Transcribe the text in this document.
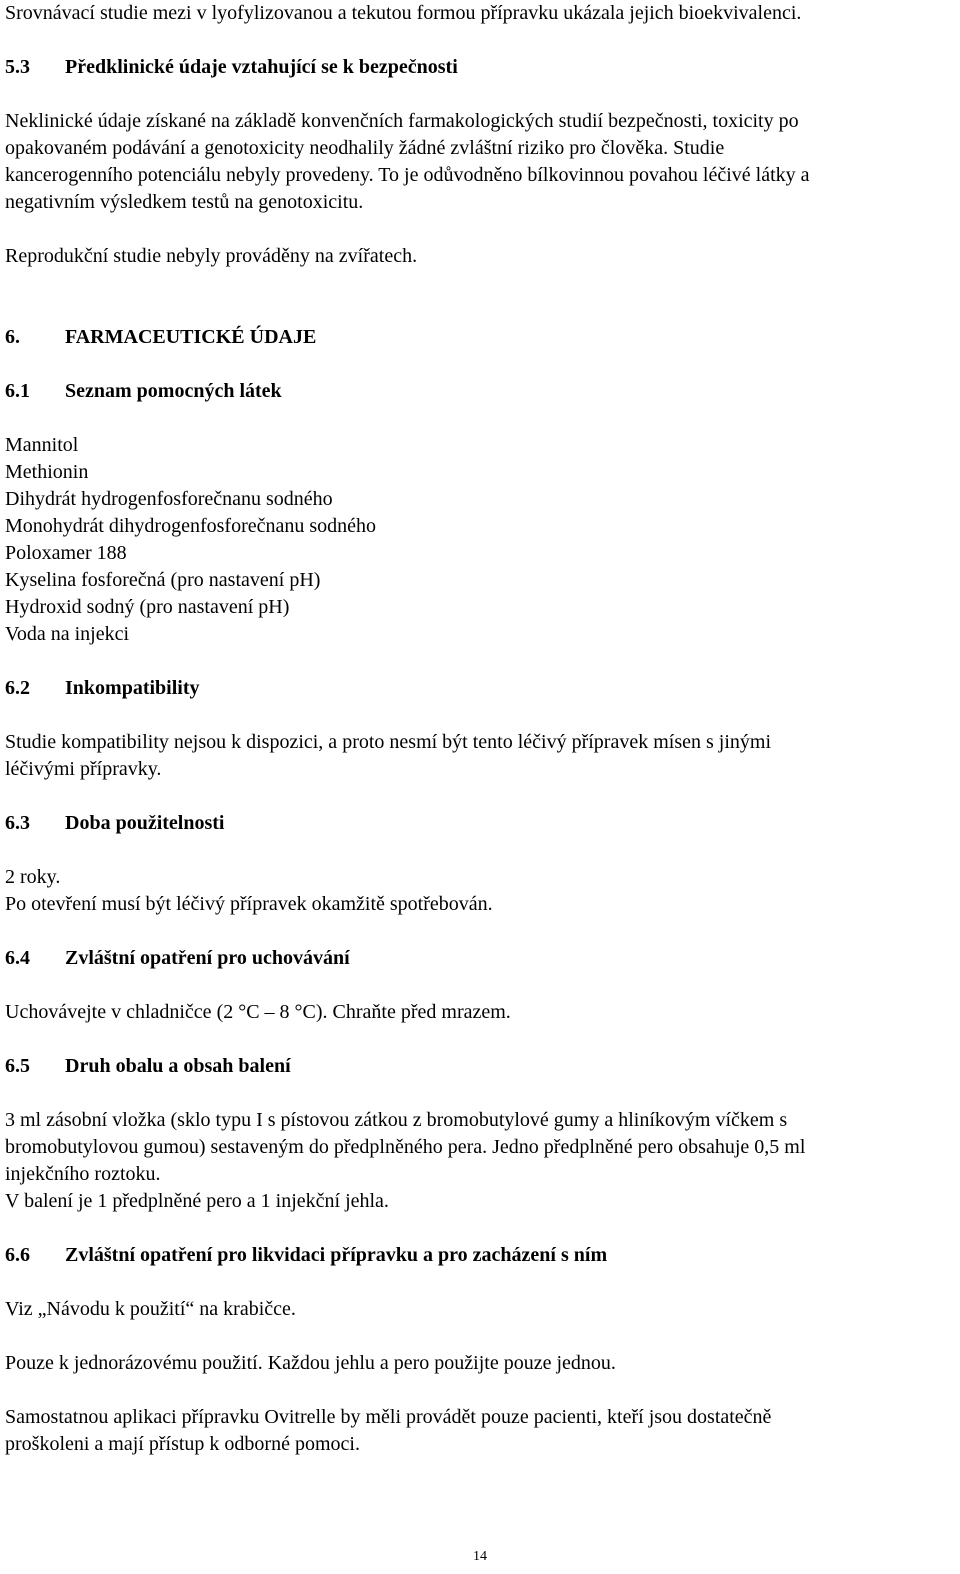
Srovnávací studie mezi v lyofylizovanou a tekutou formou přípravku ukázala jejich bioekvivalenci.

5.3 Předklinické údaje vztahující se k bezpečnosti

Neklinické údaje získané na základě konvenčních farmakologických studií bezpečnosti, toxicity po

opakovaném podávání a genotoxicity neodhalily žádné zvláštní riziko pro člověka. Studie

kancerogenního potenciálu nebyly provedeny. To je odůvodněno bílkovinnou povahou léčivé látky a

negativním výsledkem testů na genotoxicitu.

Reprodukční studie nebyly prováděny na zvířatech.

6. FARMACEUTICKÉ ÚDAJE
6.1 Seznam pomocných látek

Mannitol

Methionin

Dihydrát hydrogenfosforečnanu sodného

Monohydrát dihydrogenfosforečnanu sodného

Poloxamer 188

Kyselina fosforečná (pro nastavení pH)

Hydroxid sodný (pro nastavení pH)

Voda na injekci

6.2 Inkompatibility

Studie kompatibility nejsou k dispozici, a proto nesmí být tento léčivý přípravek mísen s jinými

léčivými přípravky.

6.3 Doba použitelnosti

2 roky.

Po otevření musí být léčivý přípravek okamžitě spotřebován.

6.4 Zvláštní opatření pro uchovávání

Uchovávejte v chladničce (2 °C – 8 °C). Chraňte před mrazem.

6.5 Druh obalu a obsah balení

3 ml zásobní vložka (sklo typu I s pístovou zátkou z bromobutylové gumy a hliníkovým víčkem s

bromobutylovou gumou) sestaveným do předplněného pera. Jedno předplněné pero obsahuje 0,5 ml

injekčního roztoku.

V balení je 1 předplněné pero a 1 injekční jehla.

6.6 Zvláštní opatření pro likvidaci přípravku a pro zacházení s ním

Viz „Návodu k použití“ na krabičce.

Pouze k jednorázovému použití. Každou jehlu a pero použijte pouze jednou.

Samostatnou aplikaci přípravku Ovitrelle by měli provádět pouze pacienti, kteří jsou dostatečně

proškoleni a mají přístup k odborné pomoci.

14
